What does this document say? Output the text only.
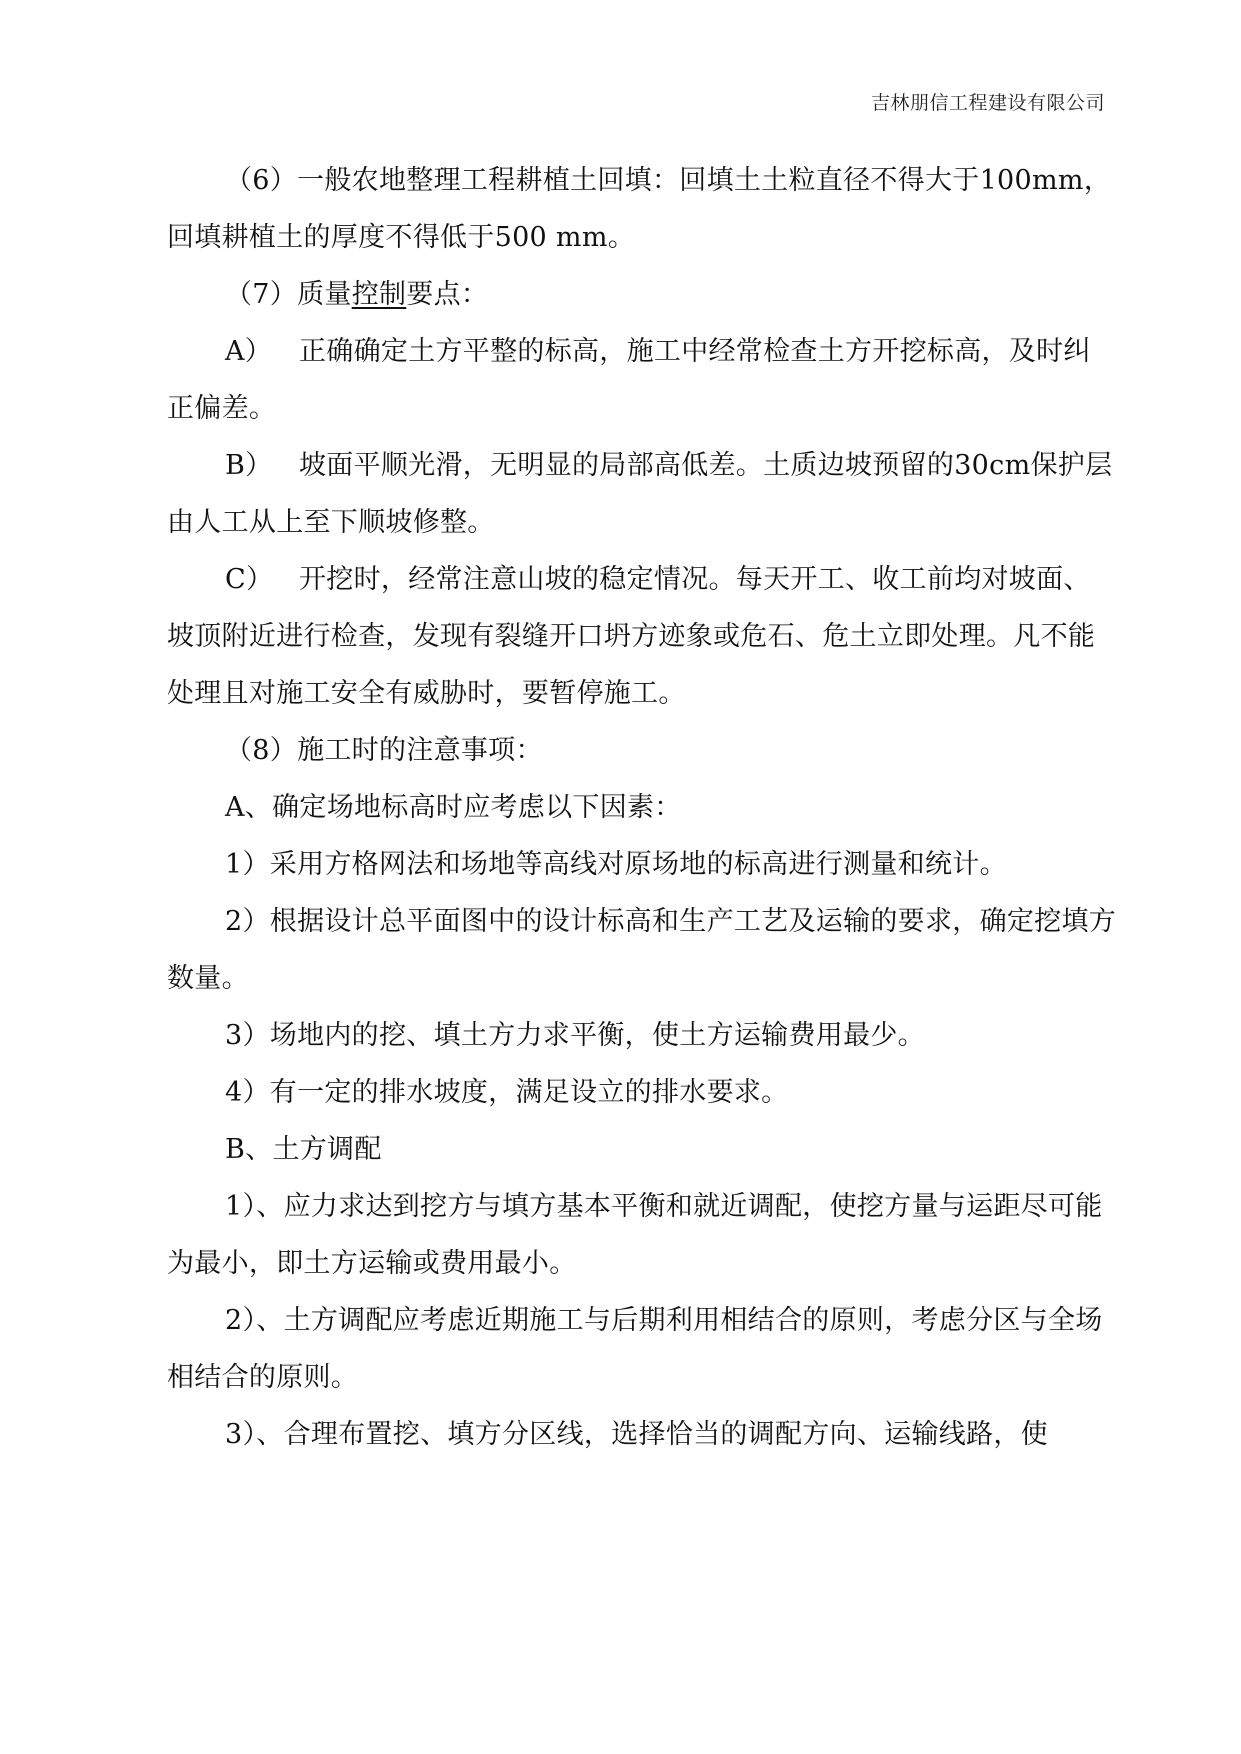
吉林朋信工程建设有限公司

（6）一般农地整理工程耕植土回填：回填土土粒直径不得大于100mm，回填耕植土的厚度不得低于500 mm。

（7）质量控制要点：

A） 正确确定土方平整的标高，施工中经常检查土方开挖标高，及时纠正偏差。

B） 坡面平顺光滑，无明显的局部高低差。土质边坡预留的30cm保护层由人工从上至下顺坡修整。

C） 开挖时，经常注意山坡的稳定情况。每天开工、收工前均对坡面、坡顶附近进行检查，发现有裂缝开口坍方迹象或危石、危土立即处理。凡不能处理且对施工安全有威胁时，要暂停施工。

（8）施工时的注意事项：

A、确定场地标高时应考虑以下因素：

1）采用方格网法和场地等高线对原场地的标高进行测量和统计。

2）根据设计总平面图中的设计标高和生产工艺及运输的要求，确定挖填方数量。

3）场地内的挖、填土方力求平衡，使土方运输费用最少。

4）有一定的排水坡度，满足设立的排水要求。

B、土方调配

1）、应力求达到挖方与填方基本平衡和就近调配，使挖方量与运距尽可能为最小，即土方运输或费用最小。

2）、土方调配应考虑近期施工与后期利用相结合的原则，考虑分区与全场相结合的原则。

3）、合理布置挖、填方分区线，选择恰当的调配方向、运输线路，使
